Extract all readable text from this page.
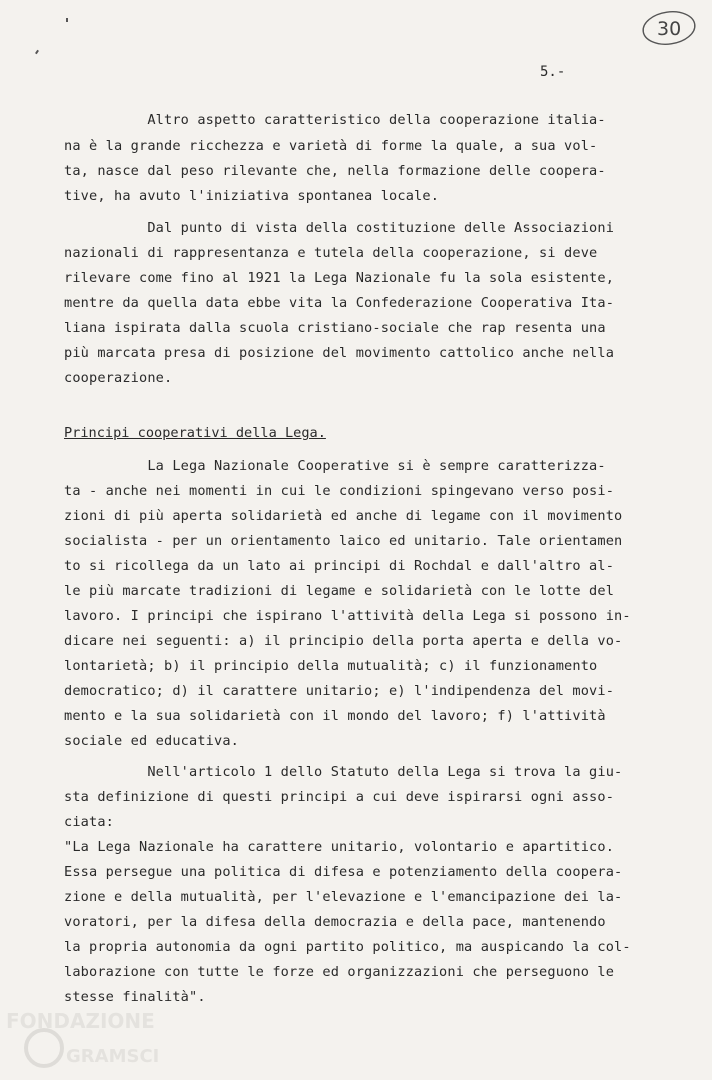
30
5.-
Altro aspetto caratteristico della cooperazione italia-
na è la grande ricchezza e varietà di forme la quale, a sua vol-
ta, nasce dal peso rilevante che, nella formazione delle coopera-
tive, ha avuto l'iniziativa spontanea locale.
Dal punto di vista della costituzione delle Associazioni
nazionali di rappresentanza e tutela della cooperazione, si deve
rilevare come fino al 1921 la Lega Nazionale fu la sola esistente,
mentre da quella data ebbe vita la Confederazione Cooperativa Ita-
liana ispirata dalla scuola cristiano-sociale che rap resenta una
più marcata presa di posizione del movimento cattolico anche nella
cooperazione.
Principi cooperativi della Lega.
La Lega Nazionale Cooperative si è sempre caratterizza-
ta - anche nei momenti in cui le condizioni spingevano verso posi-
zioni di più aperta solidarietà ed anche di legame con il movimento
socialista - per un orientamento laico ed unitario. Tale orientamen
to si ricollega da un lato ai principi di Rochdal e dall'altro al-
le più marcate tradizioni di legame e solidarietà con le lotte del
lavoro. I principi che ispirano l'attività della Lega si possono in-
dicare nei seguenti: a) il principio della porta aperta e della vo-
lontarietà; b) il principio della mutualità; c) il funzionamento
democratico; d) il carattere unitario; e) l'indipendenza del movi-
mento e la sua solidarietà con il mondo del lavoro; f) l'attività
sociale ed educativa.
Nell'articolo 1 dello Statuto della Lega si trova la giu-
sta definizione di questi principi a cui deve ispirarsi ogni asso-
ciata:
"La Lega Nazionale ha carattere unitario, volontario e apartitico.
Essa persegue una politica di difesa e potenziamento della coopera-
zione e della mutualità, per l'elevazione e l'emancipazione dei la-
voratori, per la difesa della democrazia e della pace, mantenendo
la propria autonomia da ogni partito politico, ma auspicando la col-
laborazione con tutte le forze ed organizzazioni che perseguono le
stesse finalità".
FONDAZIONE
GRAMSCI
